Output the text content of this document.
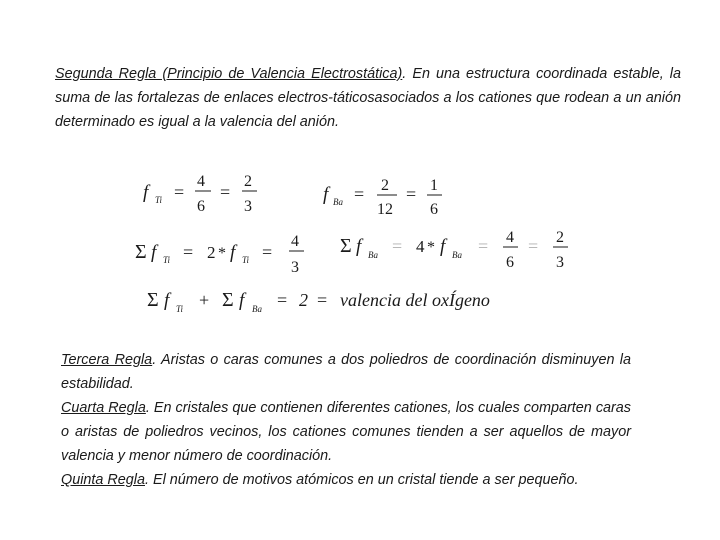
Segunda Regla (Principio de Valencia Electrostática). En una estructura coordinada estable, la suma de las fortalezas de enlaces electros-táticosasociados a los cationes que rodean a un anión determinado es igual a la valencia del anión.

f Ti =
4
6
=
2
3
f Ba = 2
12
= 1
6
Σ f Ti = 2 * f Ti =
4
3
Σ f Ba = 4 * f Ba = 4
6
= 2
3
Σ f Ti + Σ f Ba = 2 = valencia del oxÍgeno

Tercera Regla. Aristas o caras comunes a dos poliedros de coordinación disminuyen la estabilidad.

Cuarta Regla. En cristales que contienen diferentes cationes, los cuales comparten caras o aristas de poliedros vecinos, los cationes comunes tienden a ser aquellos de mayor valencia y menor número de coordinación.

Quinta Regla. El número de motivos atómicos en un cristal tiende a ser pequeño.
